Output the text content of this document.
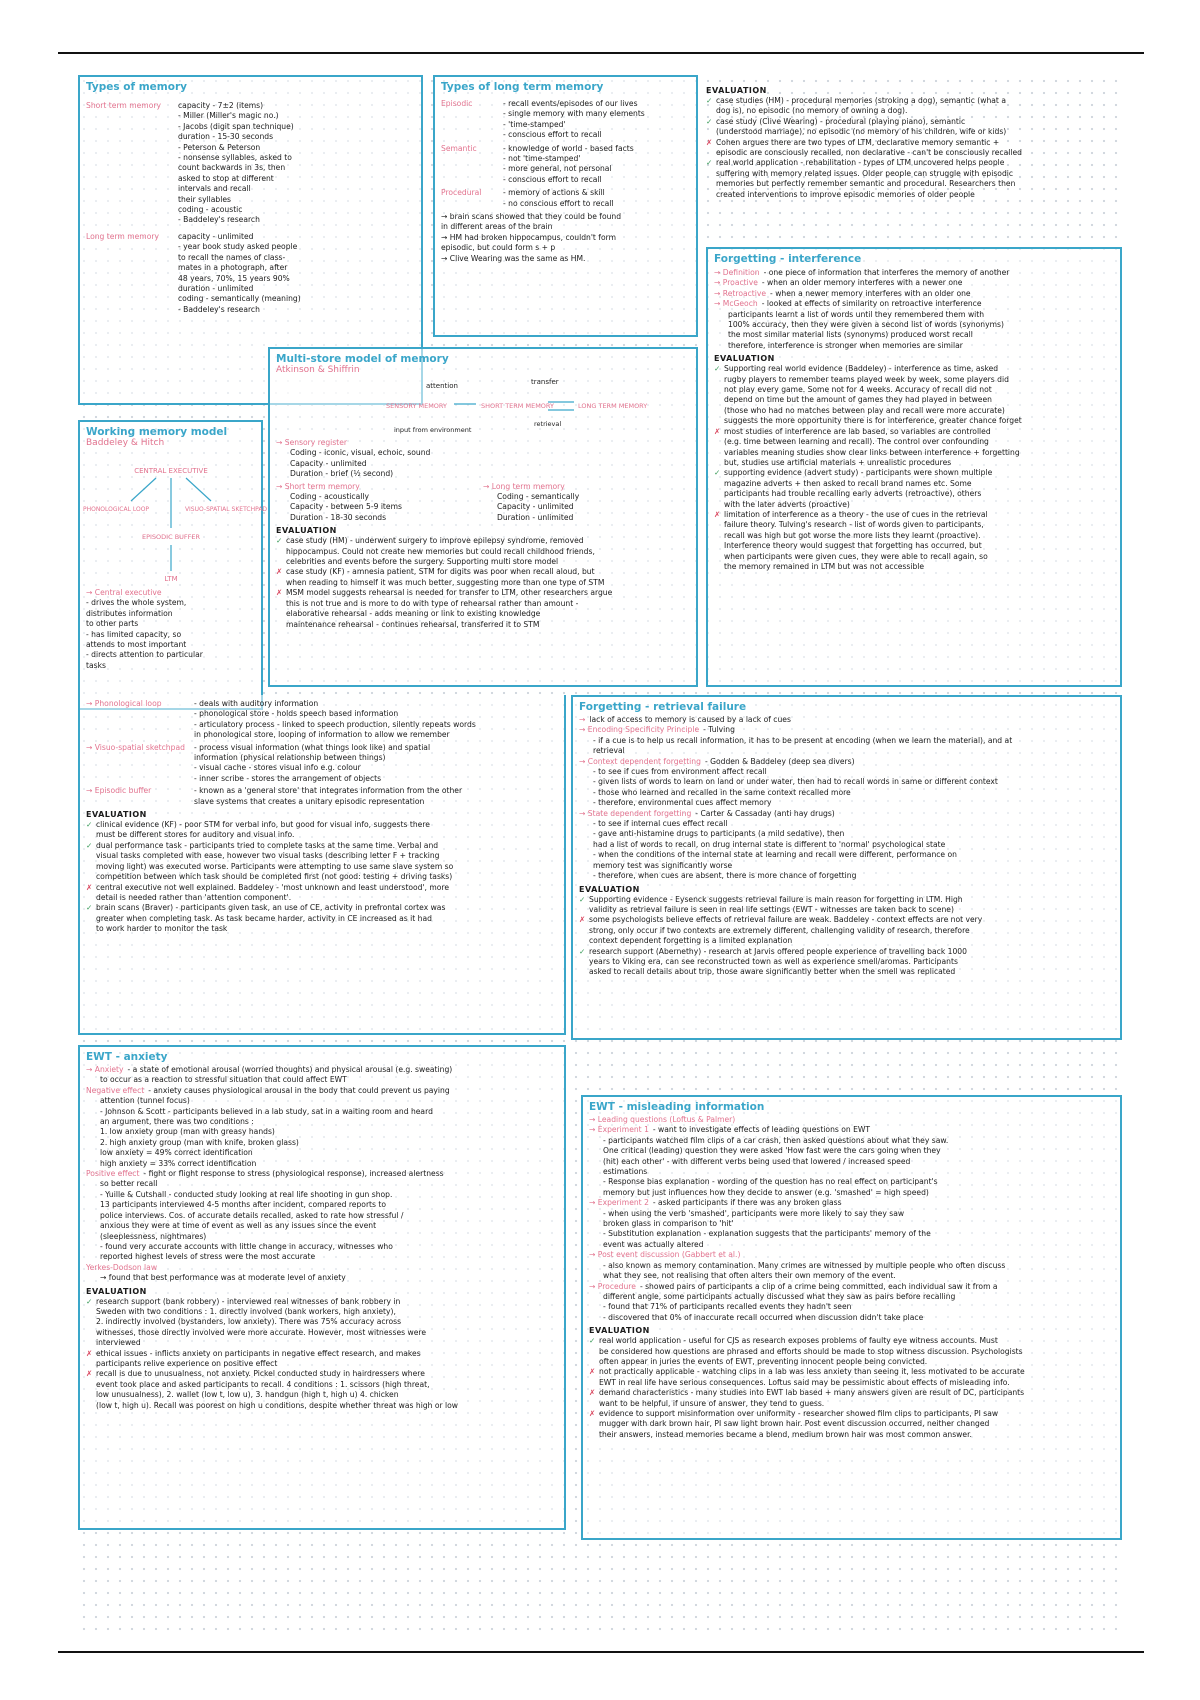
Types of memory
Short term memory	capacity - 7±2 (items)
- Miller (Miller's magic no.)
- Jacobs (digit span technique)
duration - 15-30 seconds
- Peterson & Peterson
- nonsense syllables, asked to
count backwards in 3s, then
asked to stop at different
intervals and recall
their syllables
coding - acoustic
- Baddeley's research
Long term memory	capacity - unlimited
- year book study asked people
to recall the names of class-
mates in a photograph, after
48 years, 70%, 15 years 90%
duration - unlimited
coding - semantically (meaning)
- Baddeley's research
Types of long term memory
Episodic	- recall events/episodes of our lives
- single memory with many elements
- 'time-stamped'
- conscious effort to recall
Semantic	- knowledge of world - based facts
- not 'time-stamped'
- more general, not personal
- conscious effort to recall
Procedural	- memory of actions & skill
- no conscious effort to recall
→ brain scans showed that they could be found
in different areas of the brain
→ HM had broken hippocampus, couldn't form
episodic, but could form s + p
→ Clive Wearing was the same as HM.
EVALUATION
✓ case studies (HM) - procedural memories (stroking a dog), semantic (what a
dog is), no episodic (no memory of owning a dog).
✓ case study (Clive Wearing) - procedural (playing piano), semantic
(understood marriage), no episodic (no memory of his children, wife or kids)
✗ Cohen argues there are two types of LTM, declarative memory semantic +
episodic are consciously recalled, non declarative - can't be consciously recalled
✓ real world application - rehabilitation - types of LTM uncovered helps people
suffering with memory related issues. Older people can struggle with episodic
memories but perfectly remember semantic and procedural. Researchers then
created interventions to improve episodic memories of older people
Forgetting - interference
→ Definition - one piece of information that interferes the memory of another
→ Proactive - when an older memory interferes with a newer one
→ Retroactive - when a newer memory interferes with an older one
→ McGeoch - looked at effects of similarity on retroactive interference
participants learnt a list of words until they remembered them with
100% accuracy, then they were given a second list of words (synonyms)
the most similar material lists (synonyms) produced worst recall
therefore, interference is stronger when memories are similar
EVALUATION
✓ Supporting real world evidence (Baddeley) - interference as time, asked
rugby players to remember teams played week by week, some players did
not play every game. Some not for 4 weeks. Accuracy of recall did not
depend on time but the amount of games they had played in between
(those who had no matches between play and recall were more accurate)
suggests the more opportunity there is for interference, greater chance forget
✗ most studies of interference are lab based, so variables are controlled
(e.g. time between learning and recall). The control over confounding
variables meaning studies show clear links between interference + forgetting
but, studies use artificial materials + unrealistic procedures
✓ supporting evidence (advert study) - participants were shown multiple
magazine adverts + then asked to recall brand names etc. Some
participants had trouble recalling early adverts (retroactive), others
with the later adverts (proactive)
✗ limitation of interference as a theory - the use of cues in the retrieval
failure theory. Tulving's research - list of words given to participants,
recall was high but got worse the more lists they learnt (proactive).
Interference theory would suggest that forgetting has occurred, but
when participants were given cues, they were able to recall again, so
the memory remained in LTM but was not accessible
Working memory model
Baddeley & Hitch
CENTRAL EXECUTIVE
PHONOLOGICAL LOOP	VISUO-SPATIAL SKETCHPAD
EPISODIC BUFFER
LTM
→ Central executive
- drives the whole system,
distributes information
to other parts
- has limited capacity, so
attends to most important
- directs attention to particular
tasks
Multi-store model of memory
Atkinson & Shiffrin
attention	transfer
SENSORY MEMORY	SHORT TERM MEMORY	LONG TERM MEMORY
input from environment
retrieval
→ Sensory register
Coding - iconic, visual, echoic, sound
Capacity - unlimited
Duration - brief (½ second)
→ Short term memory
Coding - acoustically
Capacity - between 5-9 items
Duration - 18-30 seconds
→ Long term memory
Coding - semantically
Capacity - unlimited
Duration - unlimited
EVALUATION
✓ case study (HM) - underwent surgery to improve epilepsy syndrome, removed
hippocampus. Could not create new memories but could recall childhood friends,
celebrities and events before the surgery. Supporting multi store model
✗ case study (KF) - amnesia patient, STM for digits was poor when recall aloud, but
when reading to himself it was much better, suggesting more than one type of STM
✗ MSM model suggests rehearsal is needed for transfer to LTM, other researchers argue
this is not true and is more to do with type of rehearsal rather than amount -
elaborative rehearsal - adds meaning or link to existing knowledge
maintenance rehearsal - continues rehearsal, transferred it to STM
→ Phonological loop	- deals with auditory information
- phonological store - holds speech based information
- articulatory process - linked to speech production, silently repeats words
in phonological store, looping of information to allow we remember
→ Visuo-spatial sketchpad	- process visual information (what things look like) and spatial
information (physical relationship between things)
- visual cache - stores visual info e.g. colour
- inner scribe - stores the arrangement of objects
→ Episodic buffer	- known as a 'general store' that integrates information from the other
slave systems that creates a unitary episodic representation
EVALUATION
✓ clinical evidence (KF) - poor STM for verbal info, but good for visual info, suggests there
must be different stores for auditory and visual info.
✓ dual performance task - participants tried to complete tasks at the same time. Verbal and
visual tasks completed with ease, however two visual tasks (describing letter F + tracking
moving light) was executed worse. Participants were attempting to use same slave system so
competition between which task should be completed first (not good: testing + driving tasks)
✗ central executive not well explained. Baddeley - 'most unknown and least understood', more
detail is needed rather than 'attention component'.
✓ brain scans (Braver) - participants given task, an use of CE, activity in prefrontal cortex was
greater when completing task. As task became harder, activity in CE increased as it had
to work harder to monitor the task
Forgetting - retrieval failure
→ lack of access to memory is caused by a lack of cues
→ Encoding Specificity Principle - Tulving
- if a cue is to help us recall information, it has to be present at encoding (when we learn the material), and at
retrieval
→ Context dependent forgetting - Godden & Baddeley (deep sea divers)
- to see if cues from environment affect recall
- given lists of words to learn on land or under water, then had to recall words in same or different context
- those who learned and recalled in the same context recalled more
- therefore, environmental cues affect memory
→ State dependent forgetting - Carter & Cassaday (anti hay drugs)
- to see if internal cues effect recall
- gave anti-histamine drugs to participants (a mild sedative), then
had a list of words to recall, on drug internal state is different to 'normal' psychological state
- when the conditions of the internal state at learning and recall were different, performance on
memory test was significantly worse
- therefore, when cues are absent, there is more chance of forgetting
EVALUATION
✓ Supporting evidence - Eysenck suggests retrieval failure is main reason for forgetting in LTM. High
validity as retrieval failure is seen in real life settings (EWT - witnesses are taken back to scene)
✗ some psychologists believe effects of retrieval failure are weak. Baddeley - context effects are not very
strong, only occur if two contexts are extremely different, challenging validity of research, therefore
context dependent forgetting is a limited explanation
✓ research support (Abernethy) - research at Jarvis offered people experience of travelling back 1000
years to Viking era, can see reconstructed town as well as experience smell/aromas. Participants
asked to recall details about trip, those aware significantly better when the smell was replicated
EWT - anxiety
→ Anxiety - a state of emotional arousal (worried thoughts) and physical arousal (e.g. sweating)
to occur as a reaction to stressful situation that could affect EWT
Negative effect - anxiety causes physiological arousal in the body that could prevent us paying
attention (tunnel focus)
- Johnson & Scott - participants believed in a lab study, sat in a waiting room and heard
an argument, there was two conditions :
1. low anxiety group (man with greasy hands)
2. high anxiety group (man with knife, broken glass)
low anxiety = 49% correct identification
high anxiety = 33% correct identification
Positive effect - fight or flight response to stress (physiological response), increased alertness
so better recall
- Yuille & Cutshall - conducted study looking at real life shooting in gun shop.
13 participants interviewed 4-5 months after incident, compared reports to
police interviews. Cos. of accurate details recalled, asked to rate how stressful /
anxious they were at time of event as well as any issues since the event
(sleeplessness, nightmares)
- found very accurate accounts with little change in accuracy, witnesses who
reported highest levels of stress were the most accurate
Yerkes-Dodson law
→ found that best performance was at moderate level of anxiety
EVALUATION
✓ research support (bank robbery) - interviewed real witnesses of bank robbery in
Sweden with two conditions : 1. directly involved (bank workers, high anxiety),
2. indirectly involved (bystanders, low anxiety). There was 75% accuracy across
witnesses, those directly involved were more accurate. However, most witnesses were
interviewed
✗ ethical issues - inflicts anxiety on participants in negative effect research, and makes
participants relive experience on positive effect
✗ recall is due to unusualness, not anxiety. Pickel conducted study in hairdressers where
event took place and asked participants to recall. 4 conditions : 1. scissors (high threat,
low unusualness), 2. wallet (low t, low u), 3. handgun (high t, high u) 4. chicken
(low t, high u). Recall was poorest on high u conditions, despite whether threat was high or low
EWT - misleading information
→ Leading questions (Loftus & Palmer)
→ Experiment 1 - want to investigate effects of leading questions on EWT
- participants watched film clips of a car crash, then asked questions about what they saw.
One critical (leading) question they were asked 'How fast were the cars going when they
(hit) each other' - with different verbs being used that lowered / increased speed
estimations
- Response bias explanation - wording of the question has no real effect on participant's
memory but just influences how they decide to answer (e.g. 'smashed' = high speed)
→ Experiment 2 - asked participants if there was any broken glass
- when using the verb 'smashed', participants were more likely to say they saw
broken glass in comparison to 'hit'
- Substitution explanation - explanation suggests that the participants' memory of the
event was actually altered
→ Post event discussion (Gabbert et al.)
- also known as memory contamination. Many crimes are witnessed by multiple people who often discuss
what they see, not realising that often alters their own memory of the event.
→ Procedure - showed pairs of participants a clip of a crime being committed, each individual saw it from a
different angle, some participants actually discussed what they saw as pairs before recalling
- found that 71% of participants recalled events they hadn't seen
- discovered that 0% of inaccurate recall occurred when discussion didn't take place
EVALUATION
✓ real world application - useful for CJS as research exposes problems of faulty eye witness accounts. Must
be considered how questions are phrased and efforts should be made to stop witness discussion. Psychologists
often appear in juries the events of EWT, preventing innocent people being convicted.
✗ not practically applicable - watching clips in a lab was less anxiety than seeing it, less motivated to be accurate
EWT in real life have serious consequences. Loftus said may be pessimistic about effects of misleading info.
✗ demand characteristics - many studies into EWT lab based + many answers given are result of DC, participants
want to be helpful, if unsure of answer, they tend to guess.
✗ evidence to support misinformation over uniformity - researcher showed film clips to participants, PI saw
mugger with dark brown hair, PI saw light brown hair. Post event discussion occurred, neither changed
their answers, instead memories became a blend, medium brown hair was most common answer.
